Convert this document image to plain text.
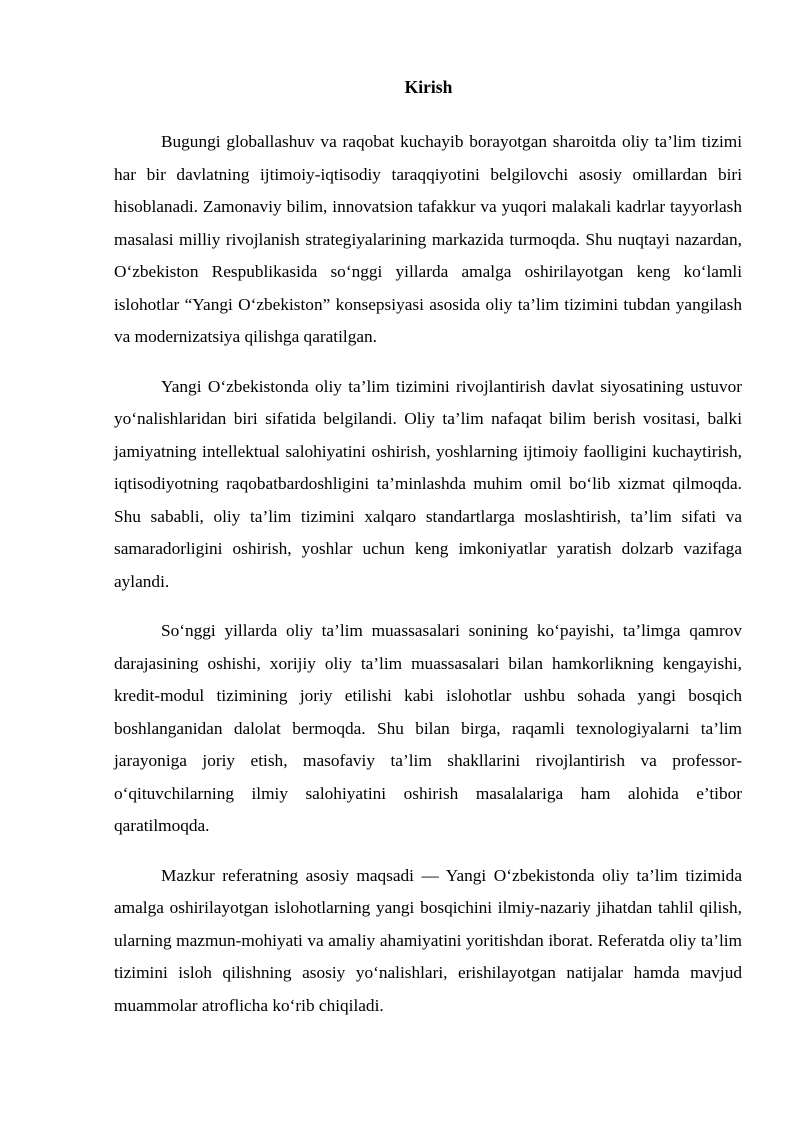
Kirish

Bugungi globallashuv va raqobat kuchayib borayotgan sharoitda oliy ta’lim tizimi har bir davlatning ijtimoiy-iqtisodiy taraqqiyotini belgilovchi asosiy omillardan biri hisoblanadi. Zamonaviy bilim, innovatsion tafakkur va yuqori malakali kadrlar tayyorlash masalasi milliy rivojlanish strategiyalarining markazida turmoqda. Shu nuqtayi nazardan, O‘zbekiston Respublikasida so‘nggi yillarda amalga oshirilayotgan keng ko‘lamli islohotlar “Yangi O‘zbekiston” konsepsiyasi asosida oliy ta’lim tizimini tubdan yangilash va modernizatsiya qilishga qaratilgan.

Yangi O‘zbekistonda oliy ta’lim tizimini rivojlantirish davlat siyosatining ustuvor yo‘nalishlaridan biri sifatida belgilandi. Oliy ta’lim nafaqat bilim berish vositasi, balki jamiyatning intellektual salohiyatini oshirish, yoshlarning ijtimoiy faolligini kuchaytirish, iqtisodiyotning raqobatbardoshligini ta’minlashda muhim omil bo‘lib xizmat qilmoqda. Shu sababli, oliy ta’lim tizimini xalqaro standartlarga moslashtirish, ta’lim sifati va samaradorligini oshirish, yoshlar uchun keng imkoniyatlar yaratish dolzarb vazifaga aylandi.

So‘nggi yillarda oliy ta’lim muassasalari sonining ko‘payishi, ta’limga qamrov darajasining oshishi, xorijiy oliy ta’lim muassasalari bilan hamkorlikning kengayishi, kredit-modul tizimining joriy etilishi kabi islohotlar ushbu sohada yangi bosqich boshlanganidan dalolat bermoqda. Shu bilan birga, raqamli texnologiyalarni ta’lim jarayoniga joriy etish, masofaviy ta’lim shakllarini rivojlantirish va professor-o‘qituvchilarning ilmiy salohiyatini oshirish masalalariga ham alohida e’tibor qaratilmoqda.

Mazkur referatning asosiy maqsadi — Yangi O‘zbekistonda oliy ta’lim tizimida amalga oshirilayotgan islohotlarning yangi bosqichini ilmiy-nazariy jihatdan tahlil qilish, ularning mazmun-mohiyati va amaliy ahamiyatini yoritishdan iborat. Referatda oliy ta’lim tizimini isloh qilishning asosiy yo‘nalishlari, erishilayotgan natijalar hamda mavjud muammolar atroflicha ko‘rib chiqiladi.
